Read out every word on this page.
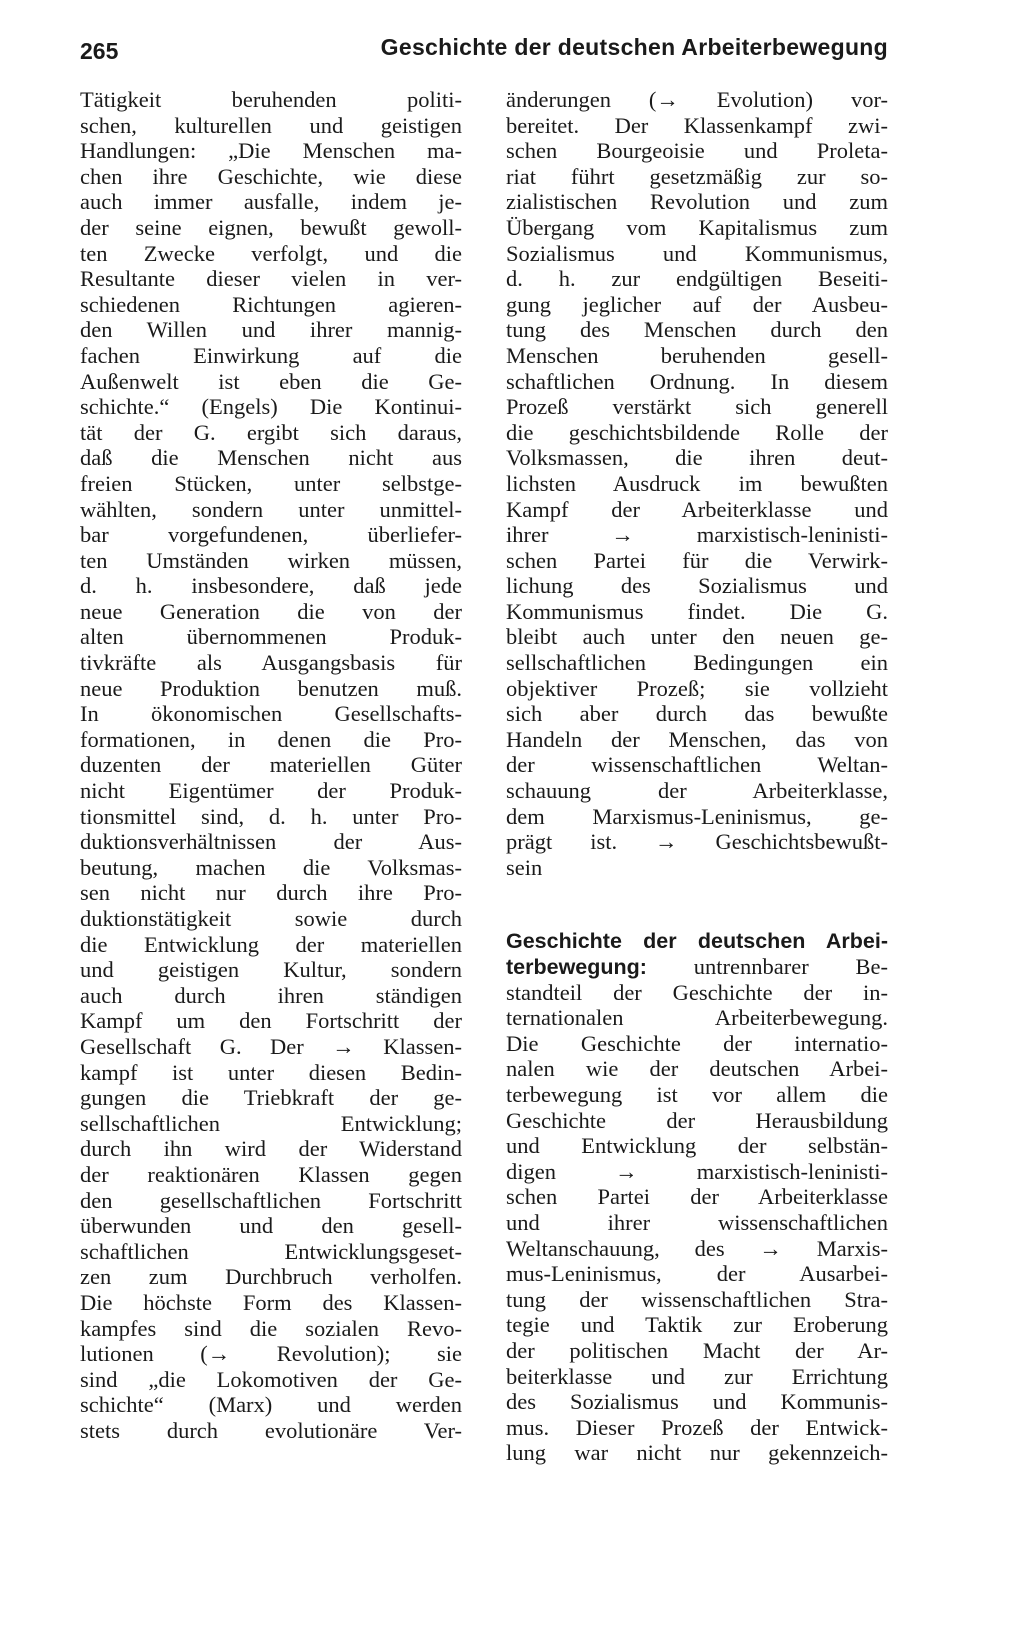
265	Geschichte der deutschen Arbeiterbewegung
Tätigkeit beruhenden politi-
schen, kulturellen und geistigen
Handlungen: „Die Menschen ma-
chen ihre Geschichte, wie diese
auch immer ausfalle, indem je-
der seine eignen, bewußt gewoll-
ten Zwecke verfolgt, und die
Resultante dieser vielen in ver-
schiedenen Richtungen agieren-
den Willen und ihrer mannig-
fachen Einwirkung auf die
Außenwelt ist eben die Ge-
schichte.“ (Engels) Die Kontinui-
tät der G. ergibt sich daraus,
daß die Menschen nicht aus
freien Stücken, unter selbstge-
wählten, sondern unter unmittel-
bar vorgefundenen, überliefer-
ten Umständen wirken müssen,
d. h. insbesondere, daß jede
neue Generation die von der
alten übernommenen Produk-
tivkräfte als Ausgangsbasis für
neue Produktion benutzen muß.
In ökonomischen Gesellschafts-
formationen, in denen die Pro-
duzenten der materiellen Güter
nicht Eigentümer der Produk-
tionsmittel sind, d. h. unter Pro-
duktionsverhältnissen der Aus-
beutung, machen die Volksmas-
sen nicht nur durch ihre Pro-
duktionstätigkeit sowie durch
die Entwicklung der materiellen
und geistigen Kultur, sondern
auch durch ihren ständigen
Kampf um den Fortschritt der
Gesellschaft G. Der → Klassen-
kampf ist unter diesen Bedin-
gungen die Triebkraft der ge-
sellschaftlichen Entwicklung;
durch ihn wird der Widerstand
der reaktionären Klassen gegen
den gesellschaftlichen Fortschritt
überwunden und den gesell-
schaftlichen Entwicklungsgeset-
zen zum Durchbruch verholfen.
Die höchste Form des Klassen-
kampfes sind die sozialen Revo-
lutionen (→ Revolution); sie
sind „die Lokomotiven der Ge-
schichte“ (Marx) und werden
stets durch evolutionäre Ver-
änderungen (→ Evolution) vor-
bereitet. Der Klassenkampf zwi-
schen Bourgeoisie und Proleta-
riat führt gesetzmäßig zur so-
zialistischen Revolution und zum
Übergang vom Kapitalismus zum
Sozialismus und Kommunismus,
d. h. zur endgültigen Beseiti-
gung jeglicher auf der Ausbeu-
tung des Menschen durch den
Menschen beruhenden gesell-
schaftlichen Ordnung. In diesem
Prozeß verstärkt sich generell
die geschichtsbildende Rolle der
Volksmassen, die ihren deut-
lichsten Ausdruck im bewußten
Kampf der Arbeiterklasse und
ihrer → marxistisch-leninisti-
schen Partei für die Verwirk-
lichung des Sozialismus und
Kommunismus findet. Die G.
bleibt auch unter den neuen ge-
sellschaftlichen Bedingungen ein
objektiver Prozeß; sie vollzieht
sich aber durch das bewußte
Handeln der Menschen, das von
der wissenschaftlichen Weltan-
schauung der Arbeiterklasse,
dem Marxismus-Leninismus, ge-
prägt ist. → Geschichtsbewußt-
sein
Geschichte der deutschen Arbei-
terbewegung: untrennbarer Be-
standteil der Geschichte der in-
ternationalen Arbeiterbewegung.
Die Geschichte der internatio-
nalen wie der deutschen Arbei-
terbewegung ist vor allem die
Geschichte der Herausbildung
und Entwicklung der selbstän-
digen → marxistisch-leninisti-
schen Partei der Arbeiterklasse
und ihrer wissenschaftlichen
Weltanschauung, des → Marxis-
mus-Leninismus, der Ausarbei-
tung der wissenschaftlichen Stra-
tegie und Taktik zur Eroberung
der politischen Macht der Ar-
beiterklasse und zur Errichtung
des Sozialismus und Kommunis-
mus. Dieser Prozeß der Entwick-
lung war nicht nur gekennzeich-
